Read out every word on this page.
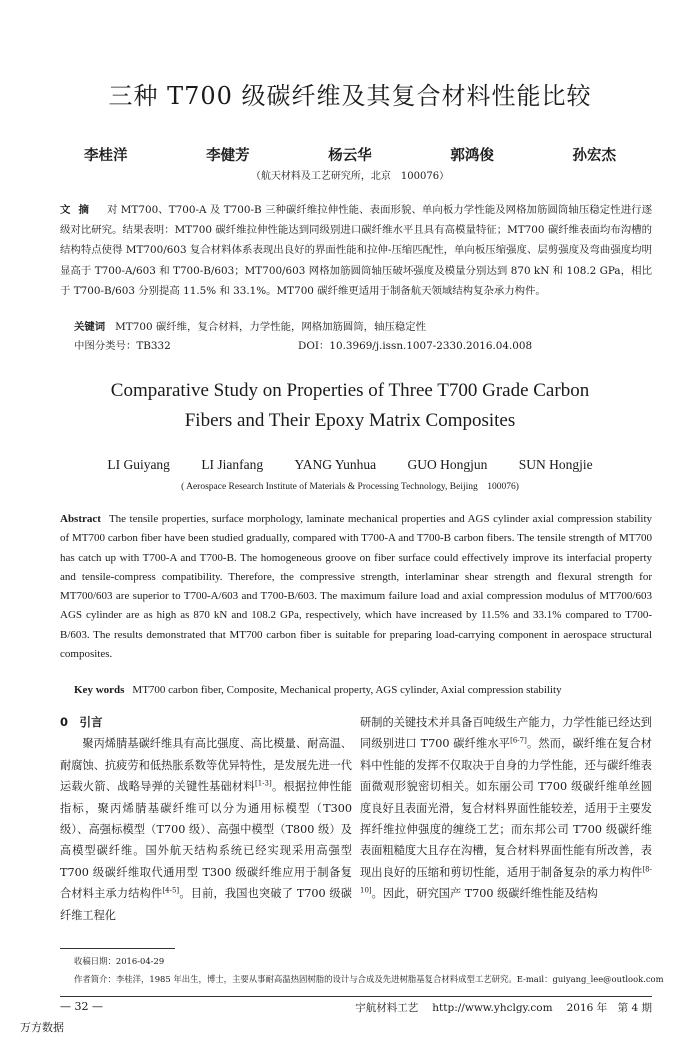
三种 T700 级碳纤维及其复合材料性能比较
李桂洋	李健芳	杨云华	郭鸿俊	孙宏杰
（航天材料及工艺研究所，北京　100076）
文摘 对 MT700、T700-A 及 T700-B 三种碳纤维拉伸性能、表面形貌、单向板力学性能及网格加筋圆筒轴压稳定性进行逐级对比研究。结果表明：MT700 碳纤维拉伸性能达到同级别进口碳纤维水平且具有高模量特征；MT700 碳纤维表面均布沟槽的结构特点使得 MT700/603 复合材料体系表现出良好的界面性能和拉伸-压缩匹配性，单向板压缩强度、层剪强度及弯曲强度均明显高于 T700-A/603 和 T700-B/603；MT700/603 网格加筋圆筒轴压破坏强度及模量分别达到 870 kN 和 108.2 GPa，相比于 T700-B/603 分别提高 11.5% 和 33.1%。MT700 碳纤维更适用于制备航天领域结构复杂承力构件。
关键词 MT700 碳纤维，复合材料，力学性能，网格加筋圆筒，轴压稳定性
中图分类号：TB332	DOI：10.3969/j.issn.1007-2330.2016.04.008
Comparative Study on Properties of Three T700 Grade Carbon
Fibers and Their Epoxy Matrix Composites
LI Guiyang LI Jianfang YANG Yunhua GUO Hongjun SUN Hongjie
( Aerospace Research Institute of Materials & Processing Technology, Beijing　100076)
Abstract The tensile properties, surface morphology, laminate mechanical properties and AGS cylinder axial compression stability of MT700 carbon fiber have been studied gradually, compared with T700-A and T700-B carbon fibers. The tensile strength of MT700 has catch up with T700-A and T700-B. The homogeneous groove on fiber surface could effectively improve its interfacial property and tensile-compress compatibility. Therefore, the compressive strength, interlaminar shear strength and flexural strength for MT700/603 are superior to T700-A/603 and T700-B/603. The maximum failure load and axial compression modulus of MT700/603 AGS cylinder are as high as 870 kN and 108.2 GPa, respectively, which have increased by 11.5% and 33.1% compared to T700-B/603. The results demonstrated that MT700 carbon fiber is suitable for preparing load-carrying component in aerospace structural composites.
Key words MT700 carbon fiber, Composite, Mechanical property, AGS cylinder, Axial compression stability

0　引言

聚丙烯腈基碳纤维具有高比强度、高比模量、耐高温、耐腐蚀、抗疲劳和低热胀系数等优异特性，是发展先进一代运载火箭、战略导弹的关键性基础材料[1-3]。根据拉伸性能指标，聚丙烯腈基碳纤维可以分为通用标模型（T300 级）、高强标模型（T700 级）、高强中模型（T800 级）及高模型碳纤维。国外航天结构系统已经实现采用高强型 T700 级碳纤维取代通用型 T300 级碳纤维应用于制备复合材料主承力结构件[4-5]。目前，我国也突破了 T700 级碳纤维工程化

研制的关键技术并具备百吨级生产能力，力学性能已经达到同级别进口 T700 碳纤维水平[6-7]。然而，碳纤维在复合材料中性能的发挥不仅取决于自身的力学性能，还与碳纤维表面微观形貌密切相关。如东丽公司 T700 级碳纤维单丝圆度良好且表面光滑，复合材料界面性能较差，适用于主要发挥纤维拉伸强度的缠绕工艺；而东邦公司 T700 级碳纤维表面粗糙度大且存在沟槽，复合材料界面性能有所改善，表现出良好的压缩和剪切性能，适用于制备复杂的承力构件[8-10]。因此，研究国产 T700 级碳纤维性能及结构

收稿日期：2016-04-29
作者简介：李桂洋，1985 年出生，博士，主要从事耐高温热固树脂的设计与合成及先进树脂基复合材料成型工艺研究。E-mail：guiyang_lee@outlook.com
— 32 —	宇航材料工艺 http://www.yhclgy.com 2016 年　第 4 期
万方数据
